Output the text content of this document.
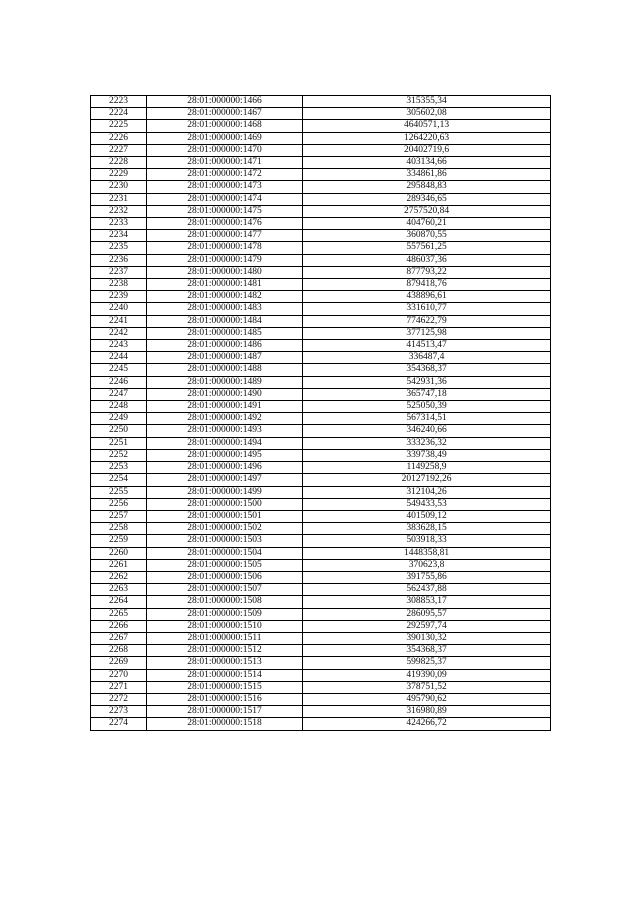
2223	28:01:000000:1466	315355,34
2224	28:01:000000:1467	305602,08
2225	28:01:000000:1468	4640571,13
2226	28:01:000000:1469	1264220,63
2227	28:01:000000:1470	20402719,6
2228	28:01:000000:1471	403134,66
2229	28:01:000000:1472	334861,86
2230	28:01:000000:1473	295848,83
2231	28:01:000000:1474	289346,65
2232	28:01:000000:1475	2757520,84
2233	28:01:000000:1476	404760,21
2234	28:01:000000:1477	360870,55
2235	28:01:000000:1478	557561,25
2236	28:01:000000:1479	486037,36
2237	28:01:000000:1480	877793,22
2238	28:01:000000:1481	879418,76
2239	28:01:000000:1482	438896,61
2240	28:01:000000:1483	331610,77
2241	28:01:000000:1484	774622,79
2242	28:01:000000:1485	377125,98
2243	28:01:000000:1486	414513,47
2244	28:01:000000:1487	336487,4
2245	28:01:000000:1488	354368,37
2246	28:01:000000:1489	542931,36
2247	28:01:000000:1490	365747,18
2248	28:01:000000:1491	525050,39
2249	28:01:000000:1492	567314,51
2250	28:01:000000:1493	346240,66
2251	28:01:000000:1494	333236,32
2252	28:01:000000:1495	339738,49
2253	28:01:000000:1496	1149258,9
2254	28:01:000000:1497	20127192,26
2255	28:01:000000:1499	312104,26
2256	28:01:000000:1500	549433,53
2257	28:01:000000:1501	401509,12
2258	28:01:000000:1502	383628,15
2259	28:01:000000:1503	503918,33
2260	28:01:000000:1504	1448358,81
2261	28:01:000000:1505	370623,8
2262	28:01:000000:1506	391755,86
2263	28:01:000000:1507	562437,88
2264	28:01:000000:1508	308853,17
2265	28:01:000000:1509	286095,57
2266	28:01:000000:1510	292597,74
2267	28:01:000000:1511	390130,32
2268	28:01:000000:1512	354368,37
2269	28:01:000000:1513	599825,37
2270	28:01:000000:1514	419390,09
2271	28:01:000000:1515	378751,52
2272	28:01:000000:1516	495790,62
2273	28:01:000000:1517	316980,89
2274	28:01:000000:1518	424266,72
